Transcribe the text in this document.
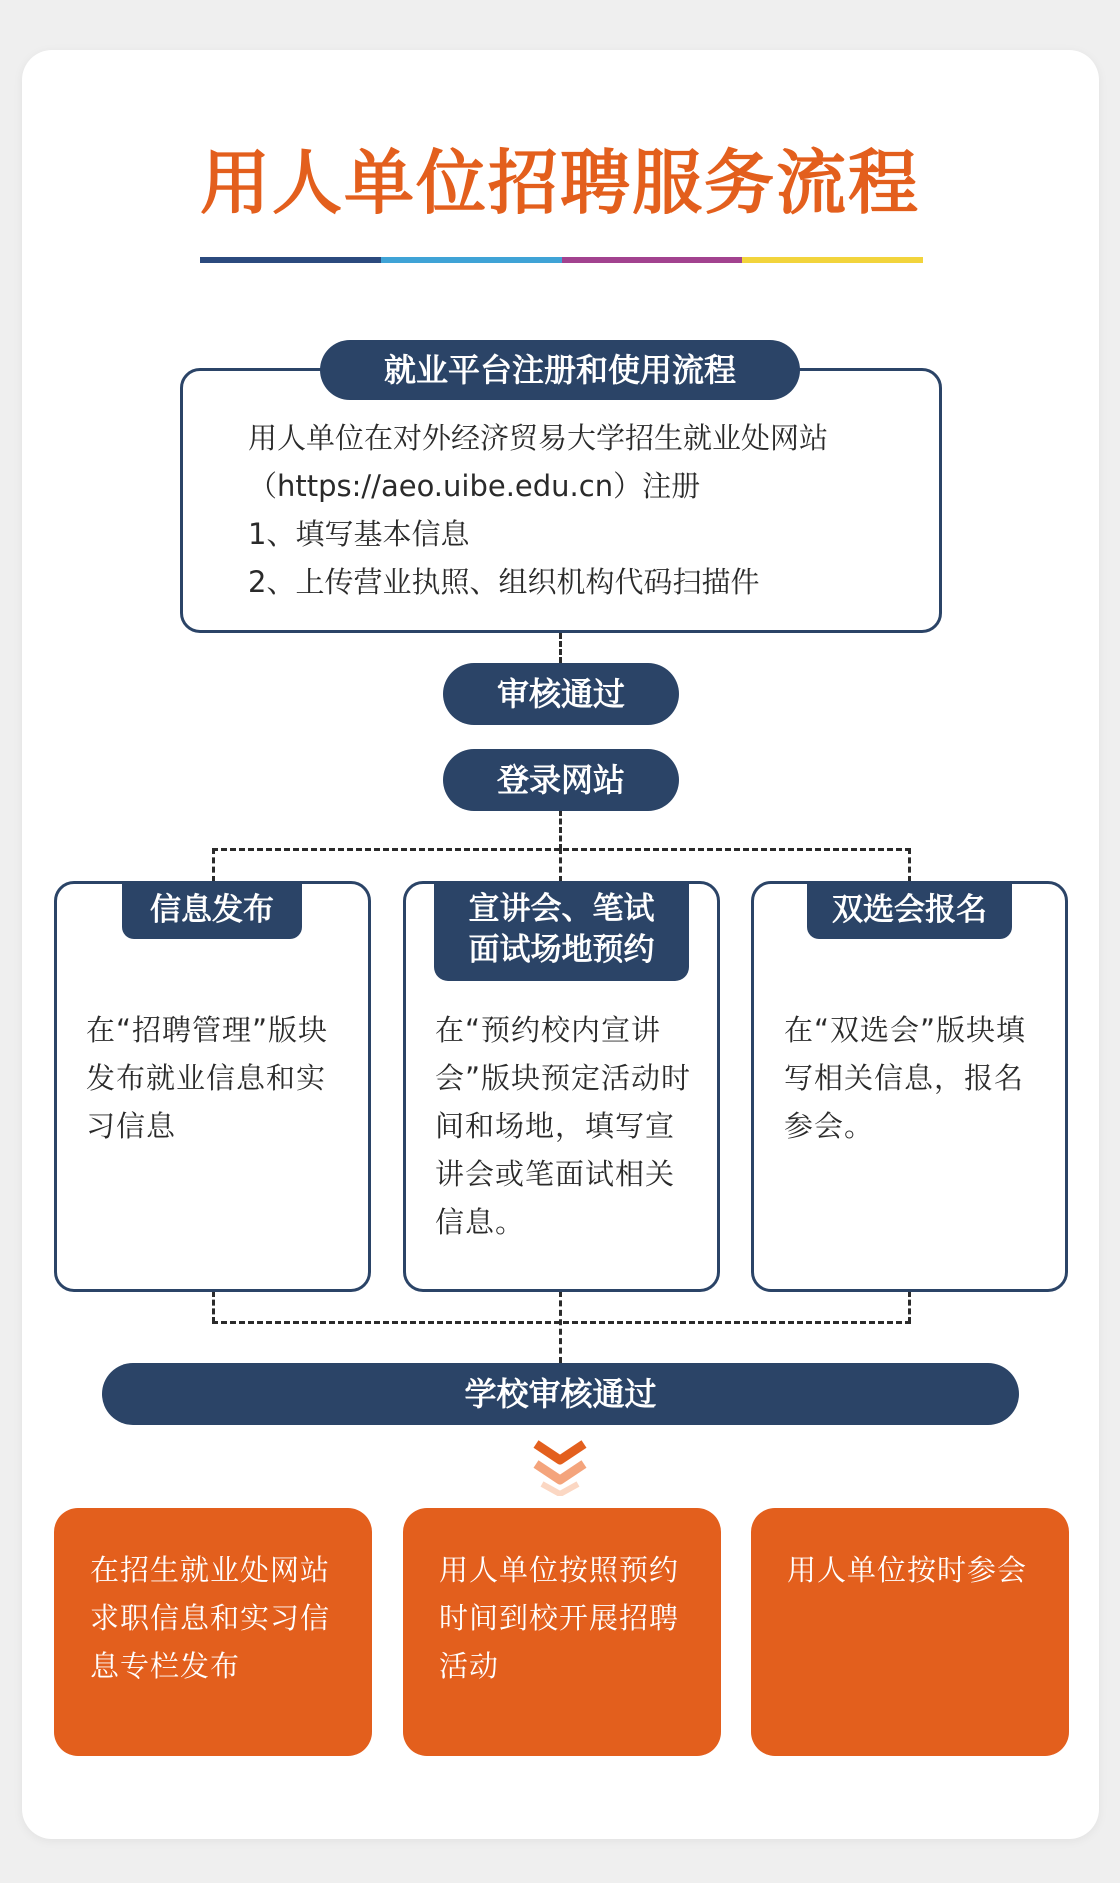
用人单位招聘服务流程
就业平台注册和使用流程
用人单位在对外经济贸易大学招生就业处网站
（https://aeo.uibe.edu.cn）注册
1、填写基本信息
2、上传营业执照、组织机构代码扫描件
审核通过
登录网站
信息发布
在“招聘管理”版块发布就业信息和实习信息
宣讲会、笔试
面试场地预约
在“预约校内宣讲会”版块预定活动时间和场地，填写宣讲会或笔面试相关信息。
双选会报名
在“双选会”版块填写相关信息，报名参会。
学校审核通过
在招生就业处网站求职信息和实习信息专栏发布
用人单位按照预约时间到校开展招聘活动
用人单位按时参会
